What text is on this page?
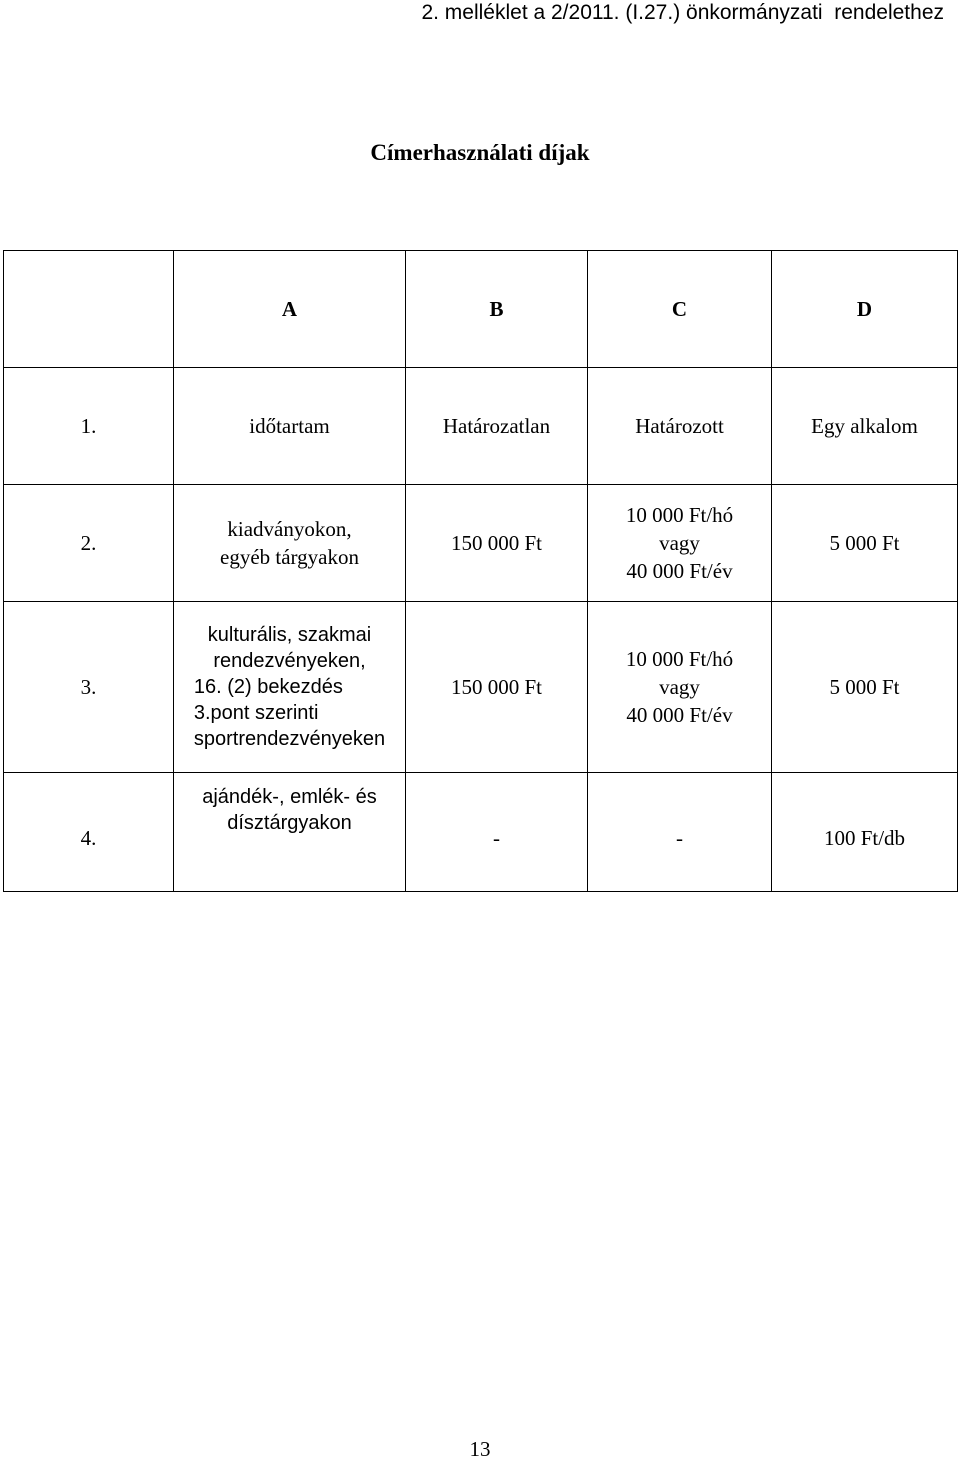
2. melléklet a 2/2011. (I.27.) önkormányzati  rendelethez
Címerhasználati díjak
	A	B	C	D
1.	időtartam	Határozatlan	Határozott	Egy alkalom

2.	kiadványokon,
egyéb tárgyakon	150 000 Ft	10 000 Ft/hó
vagy
40 000 Ft/év	5 000 Ft

3.	kulturális, szakmai
rendezvényeken,
16. (2) bekezdés
3.pont szerinti
sportrendezvényeken	150 000 Ft	10 000 Ft/hó
vagy
40 000 Ft/év	5 000 Ft

4.	ajándék-, emlék- és
dísztárgyakon	-	-	100 Ft/db
13
